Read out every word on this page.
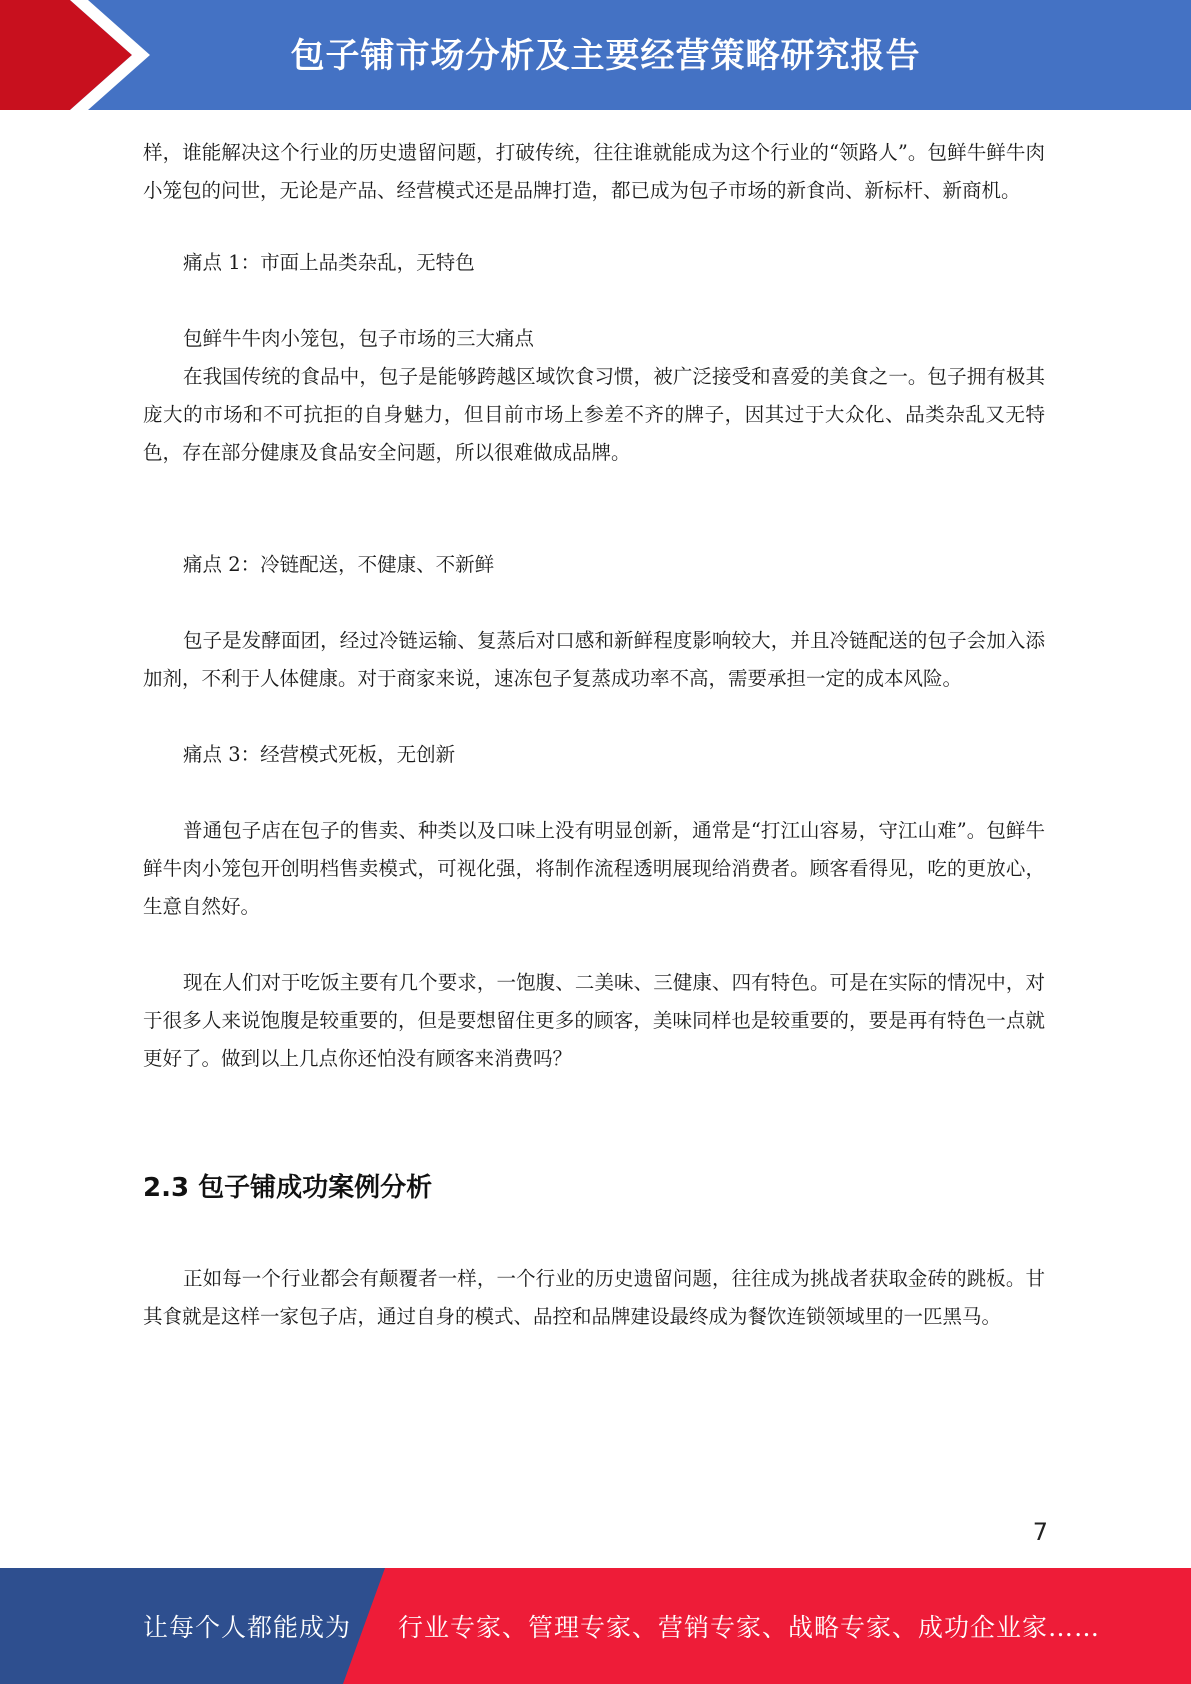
包子铺市场分析及主要经营策略研究报告

样，谁能解决这个行业的历史遗留问题，打破传统，往往谁就能成为这个行业的“领路人”。包鲜牛鲜牛肉小笼包的问世，无论是产品、经营模式还是品牌打造，都已成为包子市场的新食尚、新标杆、新商机。

痛点 1：市面上品类杂乱，无特色

包鲜牛牛肉小笼包，包子市场的三大痛点

在我国传统的食品中，包子是能够跨越区域饮食习惯，被广泛接受和喜爱的美食之一。包子拥有极其庞大的市场和不可抗拒的自身魅力，但目前市场上参差不齐的牌子，因其过于大众化、品类杂乱又无特色，存在部分健康及食品安全问题，所以很难做成品牌。

痛点 2：冷链配送，不健康、不新鲜

包子是发酵面团，经过冷链运输、复蒸后对口感和新鲜程度影响较大，并且冷链配送的包子会加入添加剂，不利于人体健康。对于商家来说，速冻包子复蒸成功率不高，需要承担一定的成本风险。

痛点 3：经营模式死板，无创新

普通包子店在包子的售卖、种类以及口味上没有明显创新，通常是“打江山容易，守江山难”。包鲜牛鲜牛肉小笼包开创明档售卖模式，可视化强，将制作流程透明展现给消费者。顾客看得见，吃的更放心，生意自然好。

现在人们对于吃饭主要有几个要求，一饱腹、二美味、三健康、四有特色。可是在实际的情况中，对于很多人来说饱腹是较重要的，但是要想留住更多的顾客，美味同样也是较重要的，要是再有特色一点就更好了。做到以上几点你还怕没有顾客来消费吗？

2.3 包子铺成功案例分析

正如每一个行业都会有颠覆者一样，一个行业的历史遗留问题，往往成为挑战者获取金砖的跳板。甘其食就是这样一家包子店，通过自身的模式、品控和品牌建设最终成为餐饮连锁领域里的一匹黑马。

7
让每个人都能成为 行业专家、管理专家、营销专家、战略专家、成功企业家……
